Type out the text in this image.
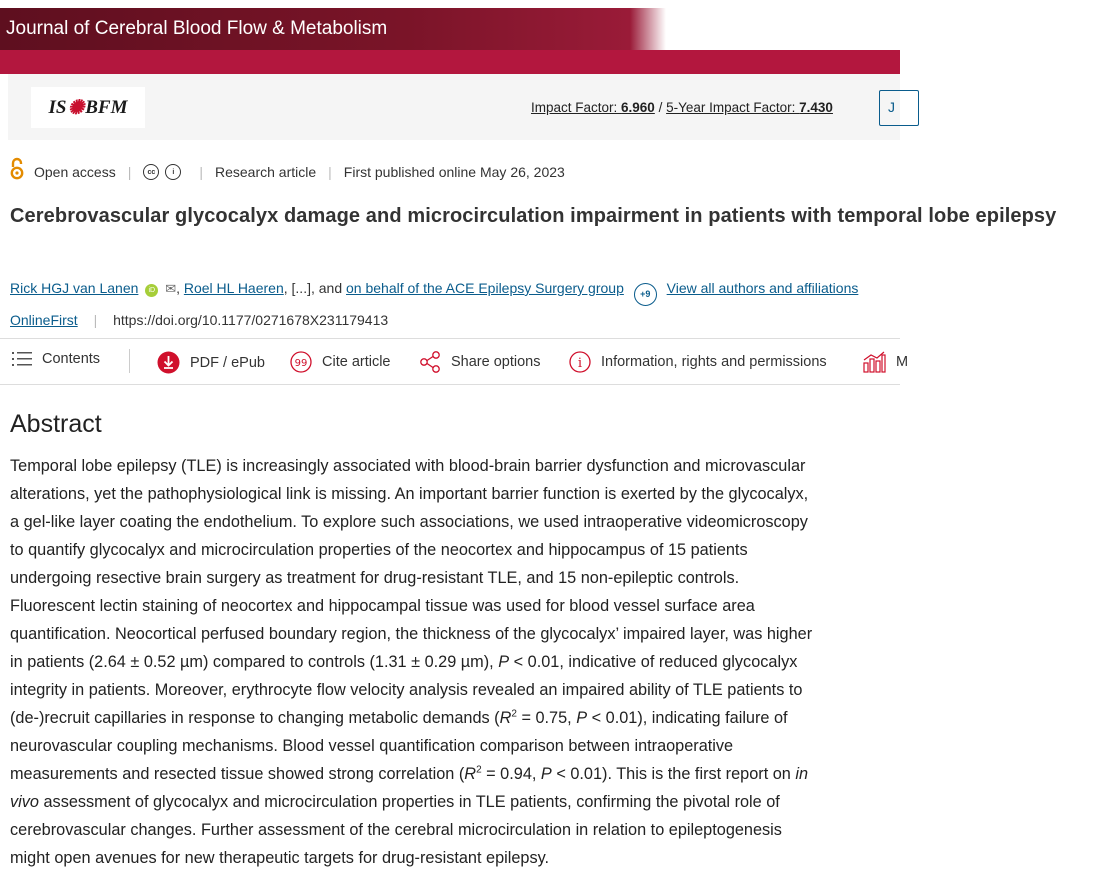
Journal of Cerebral Blood Flow & Metabolism
IS ✺ BFM	Impact Factor: 6.960 / 5-Year Impact Factor: 7.430	J
Open access |	cc	i	| Research article | First published online May 26, 2023
Cerebrovascular glycocalyx damage and microcirculation impairment in patients with temporal lobe epilepsy
Rick HGJ van Lanen iD ✉, Roel HL Haeren, [...], and on behalf of the ACE Epilepsy Surgery group +9 View all authors and affiliations
OnlineFirst | https://doi.org/10.1177/0271678X231179413
Contents	PDF / ePub	99 Cite article	Share options	i Information, rights and permissions	M
Abstract
Temporal lobe epilepsy (TLE) is increasingly associated with blood-brain barrier dysfunction and microvascular alterations, yet the pathophysiological link is missing. An important barrier function is exerted by the glycocalyx, a gel-like layer coating the endothelium. To explore such associations, we used intraoperative videomicroscopy to quantify glycocalyx and microcirculation properties of the neocortex and hippocampus of 15 patients undergoing resective brain surgery as treatment for drug-resistant TLE, and 15 non-epileptic controls. Fluorescent lectin staining of neocortex and hippocampal tissue was used for blood vessel surface area quantification. Neocortical perfused boundary region, the thickness of the glycocalyx’ impaired layer, was higher in patients (2.64 ± 0.52 µm) compared to controls (1.31 ± 0.29 µm), P < 0.01, indicative of reduced glycocalyx integrity in patients. Moreover, erythrocyte flow velocity analysis revealed an impaired ability of TLE patients to (de-)recruit capillaries in response to changing metabolic demands ($R^2 = 0.75$, P < 0.01), indicating failure of neurovascular coupling mechanisms. Blood vessel quantification comparison between intraoperative measurements and resected tissue showed strong correlation ($R^2 = 0.94$, P < 0.01). This is the first report on in vivo assessment of glycocalyx and microcirculation properties in TLE patients, confirming the pivotal role of cerebrovascular changes. Further assessment of the cerebral microcirculation in relation to epileptogenesis might open avenues for new therapeutic targets for drug-resistant epilepsy.
